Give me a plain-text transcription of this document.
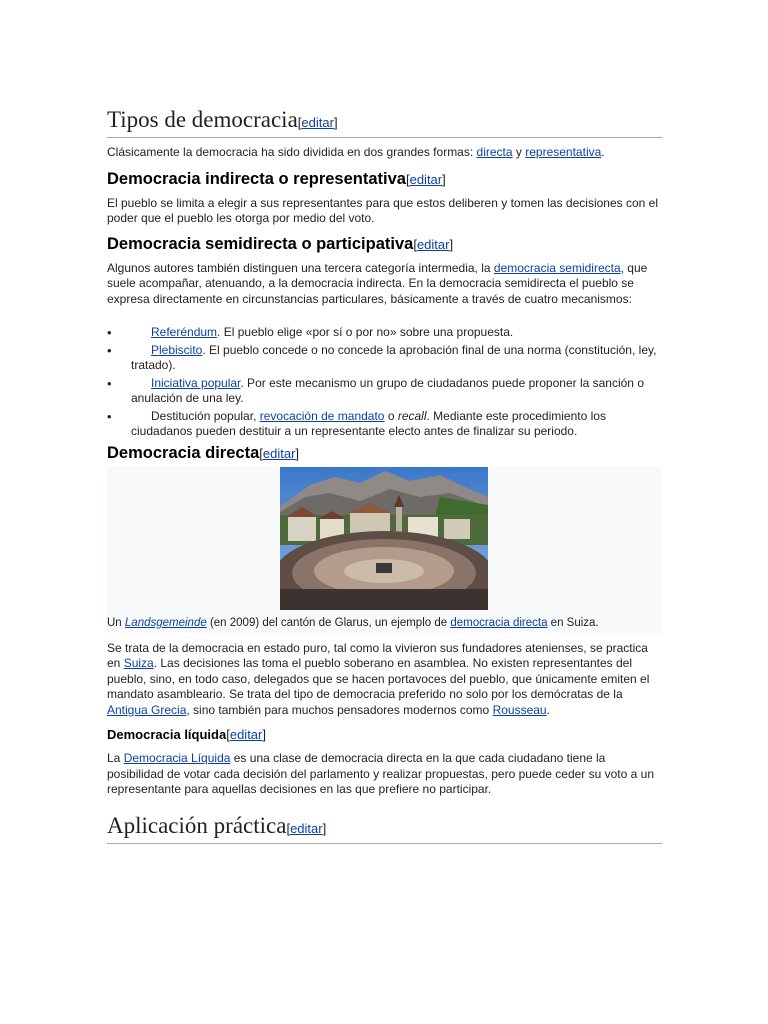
Tipos de democracia[editar]

Clásicamente la democracia ha sido dividida en dos grandes formas: directa y representativa.

Democracia indirecta o representativa[editar]

El pueblo se limita a elegir a sus representantes para que estos deliberen y tomen las decisiones con el poder que el pueblo les otorga por medio del voto.

Democracia semidirecta o participativa[editar]

Algunos autores también distinguen una tercera categoría intermedia, la democracia semidirecta, que suele acompañar, atenuando, a la democracia indirecta. En la democracia semidirecta el pueblo se expresa directamente en circunstancias particulares, básicamente a través de cuatro mecanismos:

•	Referéndum. El pueblo elige «por sí o por no» sobre una propuesta.
•	Plebiscito. El pueblo concede o no concede la aprobación final de una norma (constitución, ley, tratado).
•	Iniciativa popular. Por este mecanismo un grupo de ciudadanos puede proponer la sanción o anulación de una ley.
•	Destitución popular, revocación de mandato o recall. Mediante este procedimiento los ciudadanos pueden destituir a un representante electo antes de finalizar su periodo.
Democracia directa[editar]
Un Landsgemeinde (en 2009) del cantón de Glarus, un ejemplo de democracia directa en Suiza.

Se trata de la democracia en estado puro, tal como la vivieron sus fundadores atenienses, se practica en Suiza. Las decisiones las toma el pueblo soberano en asamblea. No existen representantes del pueblo, sino, en todo caso, delegados que se hacen portavoces del pueblo, que únicamente emiten el mandato asambleario. Se trata del tipo de democracia preferido no solo por los demócratas de la Antigua Grecia, sino también para muchos pensadores modernos como Rousseau.

Democracia líquida[editar]

La Democracia Líquida es una clase de democracia directa en la que cada ciudadano tiene la posibilidad de votar cada decisión del parlamento y realizar propuestas, pero puede ceder su voto a un representante para aquellas decisiones en las que prefiere no participar.

Aplicación práctica[editar]
